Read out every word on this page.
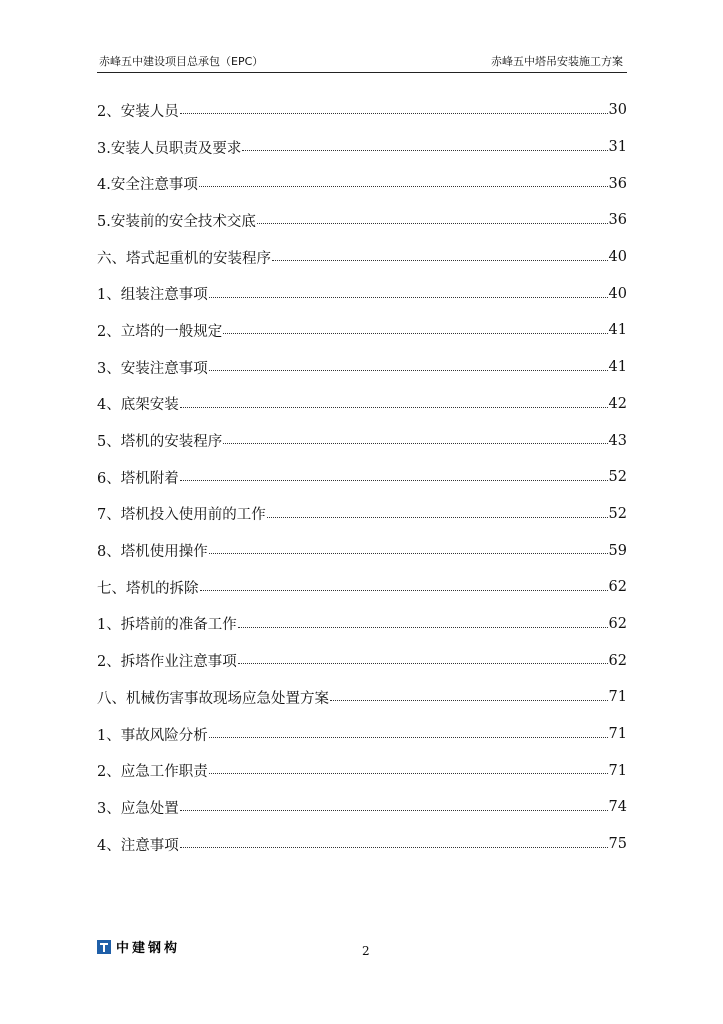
赤峰五中建设项目总承包（EPC）	赤峰五中塔吊安装施工方案
2、安装人员	30
3.安装人员职责及要求	31
4.安全注意事项	36
5.安装前的安全技术交底	36
六、塔式起重机的安装程序	40
1、组装注意事项	40
2、立塔的一般规定	41
3、安装注意事项	41
4、底架安装	42
5、塔机的安装程序	43
6、塔机附着	52
7、塔机投入使用前的工作	52
8、塔机使用操作	59
七、塔机的拆除	62
1、拆塔前的准备工作	62
2、拆塔作业注意事项	62
八、机械伤害事故现场应急处置方案	71
1、事故风险分析	71
2、应急工作职责	71
3、应急处置	74
4、注意事项	75
中建钢构	2
